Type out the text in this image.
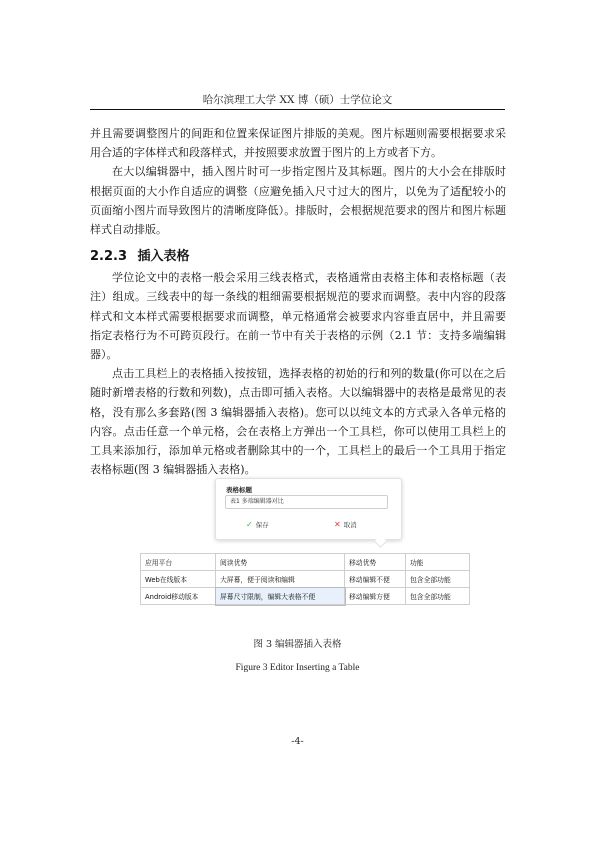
哈尔滨理工大学 XX 博（硕）士学位论文

并且需要调整图片的间距和位置来保证图片排版的美观。图片标题则需要根据要求采用合适的字体样式和段落样式，并按照要求放置于图片的上方或者下方。

在大以编辑器中，插入图片时可一步指定图片及其标题。图片的大小会在排版时根据页面的大小作自适应的调整（应避免插入尺寸过大的图片，以免为了适配较小的页面缩小图片而导致图片的清晰度降低）。排版时，会根据规范要求的图片和图片标题样式自动排版。

2.2.3 插入表格

学位论文中的表格一般会采用三线表格式，表格通常由表格主体和表格标题（表注）组成。三线表中的每一条线的粗细需要根据规范的要求而调整。表中内容的段落样式和文本样式需要根据要求而调整，单元格通常会被要求内容垂直居中，并且需要指定表格行为不可跨页段行。在前一节中有关于表格的示例（2.1 节：支持多端编辑器）。

点击工具栏上的表格插入按按钮，选择表格的初始的行和列的数量(你可以在之后随时新增表格的行数和列数)，点击即可插入表格。大以编辑器中的表格是最常见的表格，没有那么多套路(图 3 编辑器插入表格)。您可以以纯文本的方式录入各单元格的内容。点击任意一个单元格，会在表格上方弹出一个工具栏，你可以使用工具栏上的工具来添加行，添加单元格或者删除其中的一个，工具栏上的最后一个工具用于指定表格标题(图 3 编辑器插入表格)。

表格标题
表1 多端编辑器对比
✓ 保存	✕ 取消
应用平台	阅读优势	移动优势	功能
Web在线版本	大屏幕，便于阅读和编辑	移动编辑不便	包含全部功能
Android移动版本	屏幕尺寸限制，编辑大表格不便	移动编辑方便	包含全部功能
图 3 编辑器插入表格
Figure 3 Editor Inserting a Table
-4-
